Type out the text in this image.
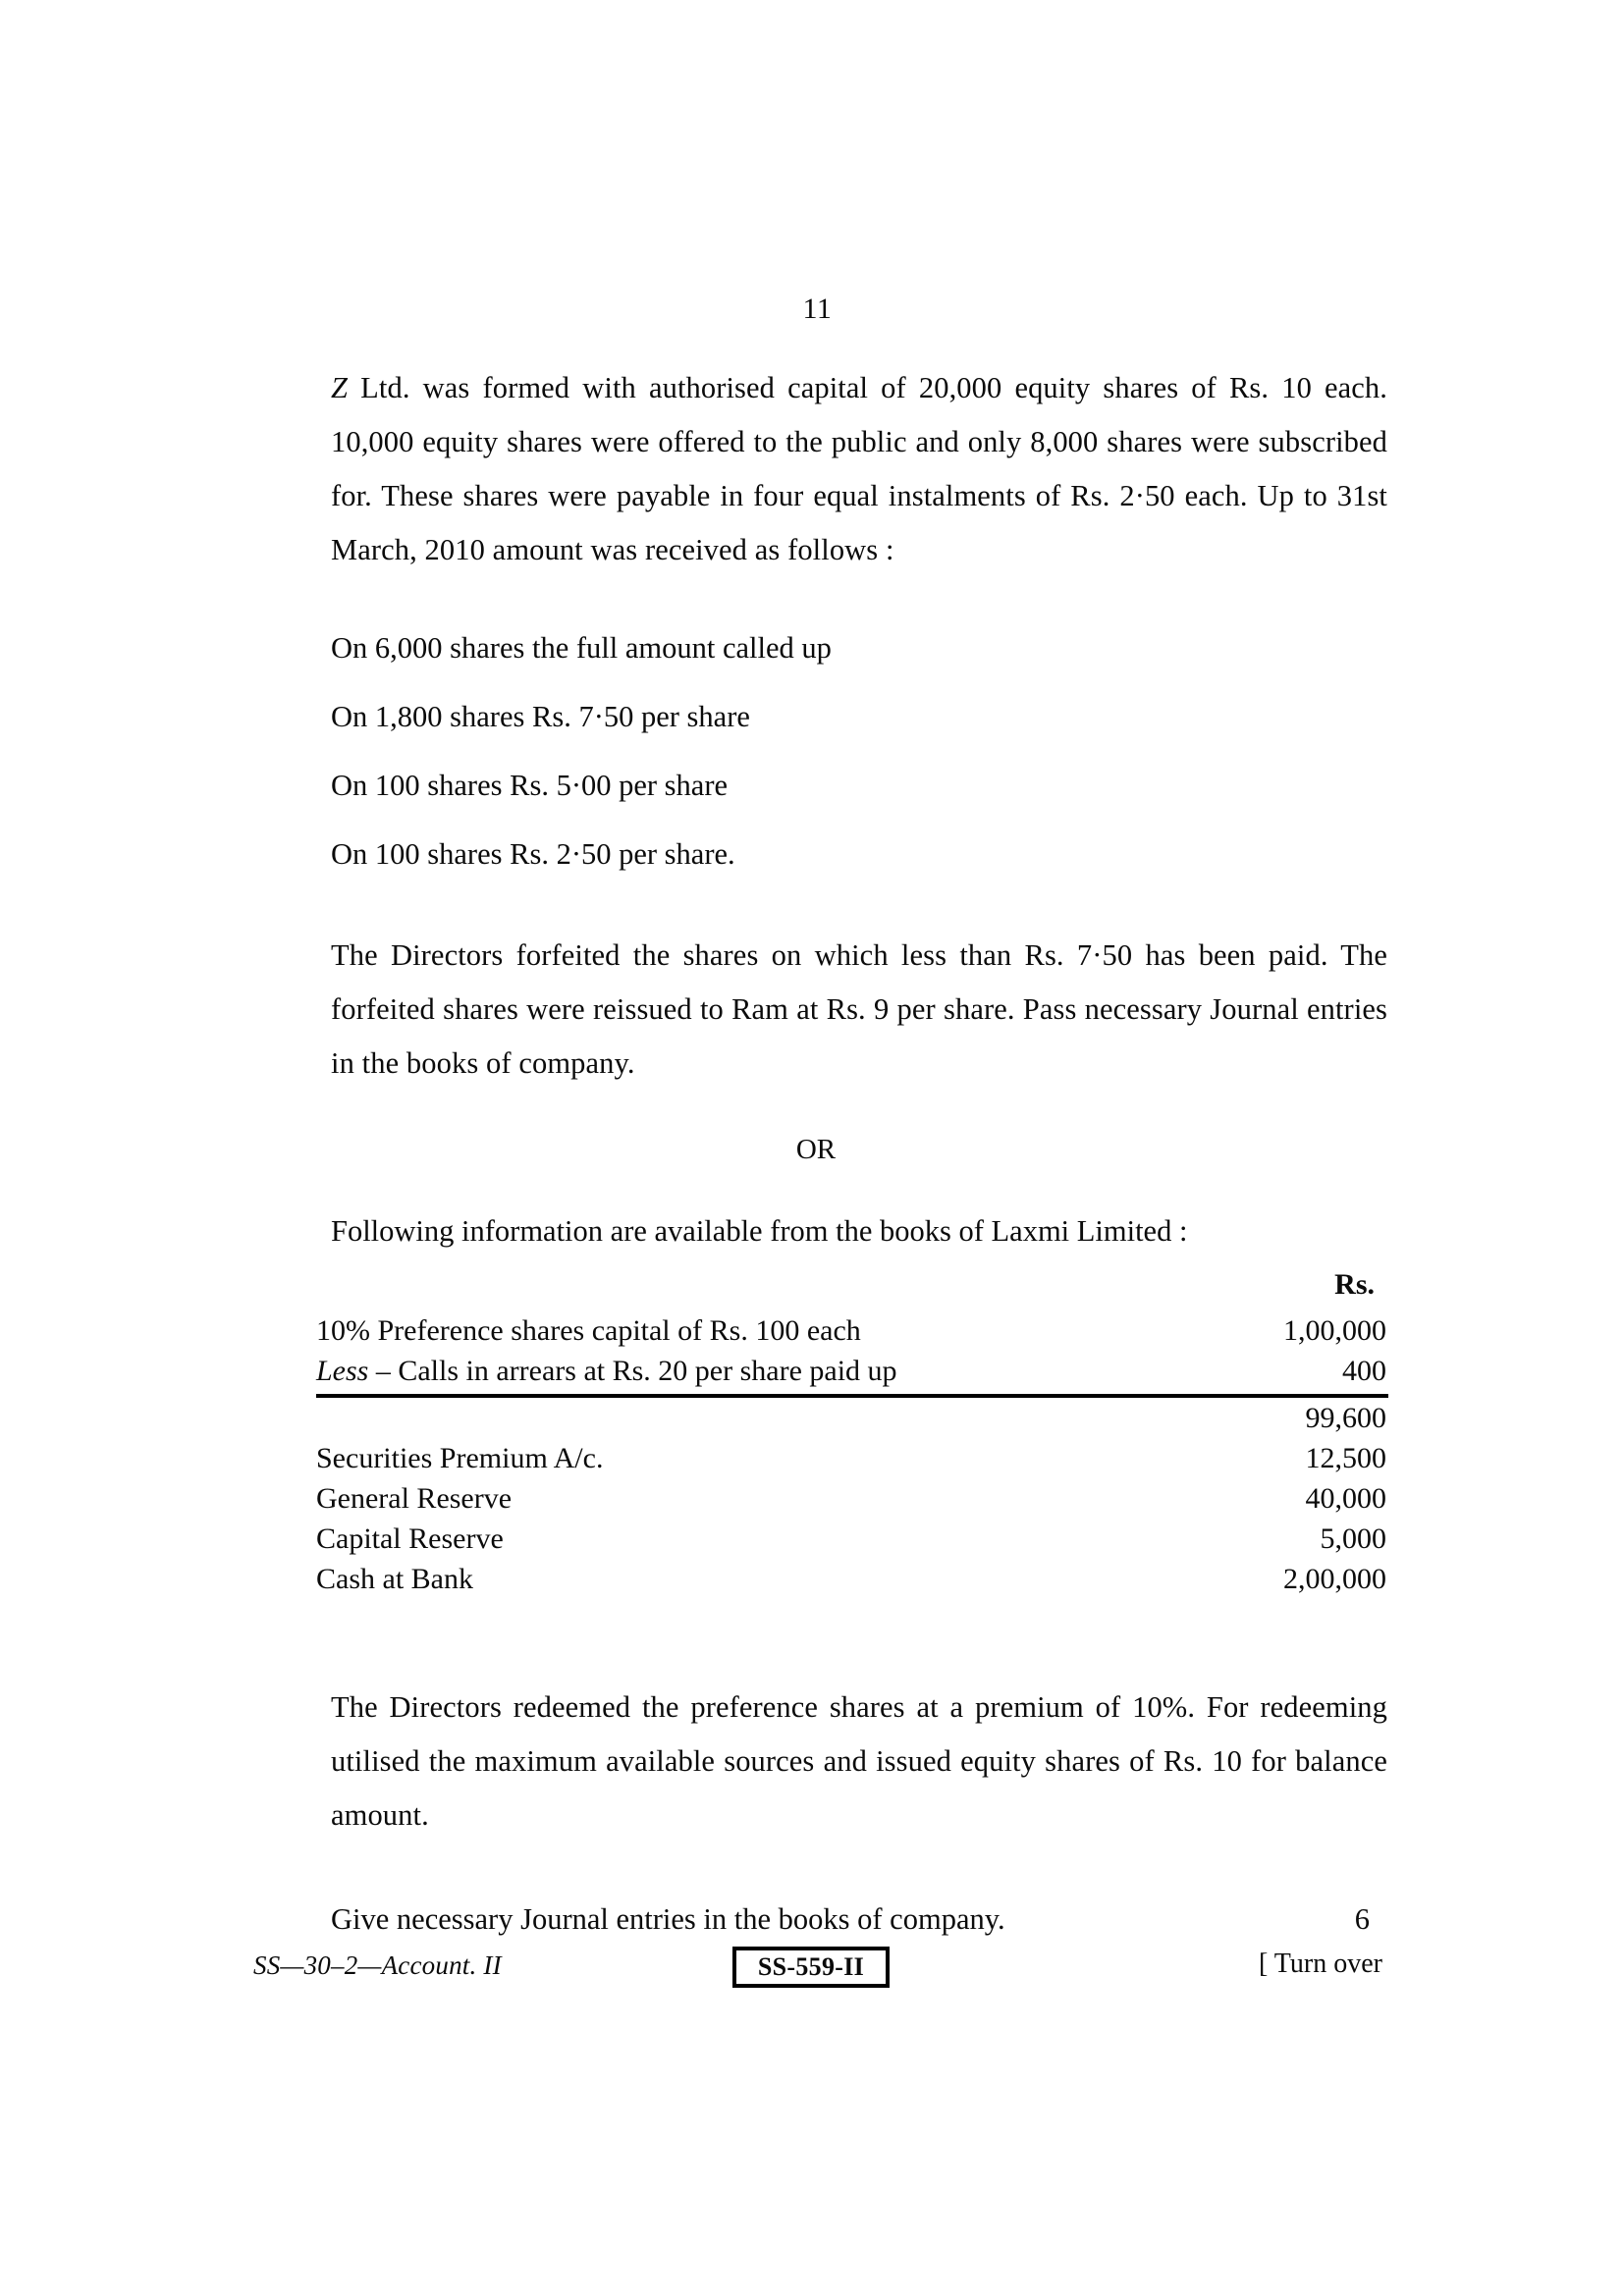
11

Z Ltd. was formed with authorised capital of 20,000 equity shares of Rs. 10 each. 10,000 equity shares were offered to the public and only 8,000 shares were subscribed for. These shares were payable in four equal instalments of Rs. 2·50 each. Up to 31st March, 2010 amount was received as follows :

On 6,000 shares the full amount called up

On 1,800 shares Rs. 7·50 per share

On 100 shares Rs. 5·00 per share

On 100 shares Rs. 2·50 per share.

The Directors forfeited the shares on which less than Rs. 7·50 has been paid. The forfeited shares were reissued to Ram at Rs. 9 per share. Pass necessary Journal entries in the books of company.

OR

Following information are available from the books of Laxmi Limited :

	Rs.
10% Preference shares capital of Rs. 100 each	1,00,000
Less – Calls in arrears at Rs. 20 per share paid up	400
	99,600
Securities Premium A/c.	12,500
General Reserve	40,000
Capital Reserve	5,000
Cash at Bank	2,00,000

The Directors redeemed the preference shares at a premium of 10%. For redeeming utilised the maximum available sources and issued equity shares of Rs. 10 for balance amount.

Give necessary Journal entries in the books of company.	6

SS—30–2—Account. II	SS-559-II	[ Turn over
